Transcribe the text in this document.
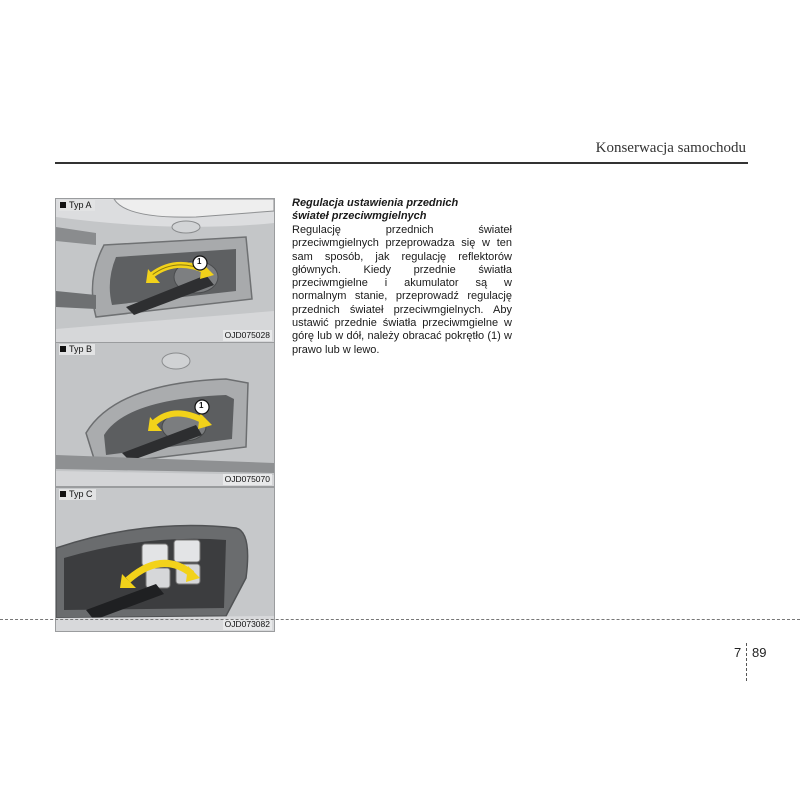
Konserwacja samochodu
Typ A
1
OJD075028
Typ B
1
OJD075070
Typ C
OJD073082

Regulacja ustawienia przednich
świateł przeciwmgielnych

Regulację przednich świateł przeciwmgielnych przeprowadza się w ten sam sposób, jak regulację reflektorów głównych. Kiedy przednie światła przeciwmgielne i akumulator są w normalnym stanie, przeprowadź regulację przednich świateł przeciwmgielnych. Aby ustawić przednie światła przeciwmgielne w górę lub w dół, należy obracać pokrętło (1) w prawo lub w lewo.

7 89
